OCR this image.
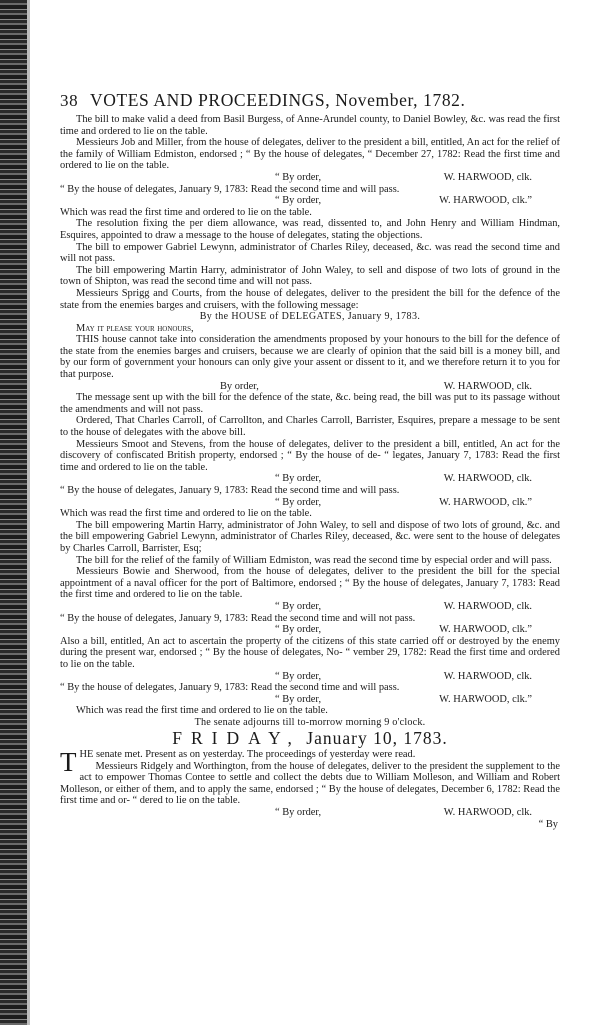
38 VOTES AND PROCEEDINGS, November, 1782.

The bill to make valid a deed from Basil Burgess, of Anne-Arundel county, to Daniel Bowley, &c. was read the first time and ordered to lie on the table.

Messieurs Job and Miller, from the house of delegates, deliver to the president a bill, entitled, An act for the relief of the family of William Edmiston, endorsed ; “ By the house of delegates, “ December 27, 1782: Read the first time and ordered to lie on the table.

“ By order,	W. HARWOOD, clk.

“ By the house of delegates, January 9, 1783: Read the second time and will pass.

“ By order,	W. HARWOOD, clk.”

Which was read the first time and ordered to lie on the table.

The resolution fixing the per diem allowance, was read, dissented to, and John Henry and William Hindman, Esquires, appointed to draw a message to the house of delegates, stating the objections.

The bill to empower Gabriel Lewynn, administrator of Charles Riley, deceased, &c. was read the second time and will not pass.

The bill empowering Martin Harry, administrator of John Waley, to sell and dispose of two lots of ground in the town of Shipton, was read the second time and will not pass.

Messieurs Sprigg and Courts, from the house of delegates, deliver to the president the bill for the defence of the state from the enemies barges and cruisers, with the following message:

By the HOUSE of DELEGATES, January 9, 1783.

May it please your honours,

THIS house cannot take into consideration the amendments proposed by your honours to the bill for the defence of the state from the enemies barges and cruisers, because we are clearly of opinion that the said bill is a money bill, and by our form of government your honours can only give your assent or dissent to it, and we therefore return it to you for that purpose.

By order,	W. HARWOOD, clk.

The message sent up with the bill for the defence of the state, &c. being read, the bill was put to its passage without the amendments and will not pass.

Ordered, That Charles Carroll, of Carrollton, and Charles Carroll, Barrister, Esquires, prepare a message to be sent to the house of delegates with the above bill.

Messieurs Smoot and Stevens, from the house of delegates, deliver to the president a bill, entitled, An act for the discovery of confiscated British property, endorsed ; “ By the house of de- “ legates, January 7, 1783: Read the first time and ordered to lie on the table.

“ By order,	W. HARWOOD, clk.

“ By the house of delegates, January 9, 1783: Read the second time and will pass.

“ By order,	W. HARWOOD, clk.”

Which was read the first time and ordered to lie on the table.

The bill empowering Martin Harry, administrator of John Waley, to sell and dispose of two lots of ground, &c. and the bill empowering Gabriel Lewynn, administrator of Charles Riley, deceased, &c. were sent to the house of delegates by Charles Carroll, Barrister, Esq;

The bill for the relief of the family of William Edmiston, was read the second time by especial order and will pass.

Messieurs Bowie and Sherwood, from the house of delegates, deliver to the president the bill for the special appointment of a naval officer for the port of Baltimore, endorsed ; “ By the house of delegates, January 7, 1783: Read the first time and ordered to lie on the table.

“ By order,	W. HARWOOD, clk.

“ By the house of delegates, January 9, 1783: Read the second time and will not pass.

“ By order,	W. HARWOOD, clk.”

Also a bill, entitled, An act to ascertain the property of the citizens of this state carried off or destroyed by the enemy during the present war, endorsed ; “ By the house of delegates, No- “ vember 29, 1782: Read the first time and ordered to lie on the table.

“ By order,	W. HARWOOD, clk.

“ By the house of delegates, January 9, 1783: Read the second time and will pass.

“ By order,	W. HARWOOD, clk.”

Which was read the first time and ordered to lie on the table.

The senate adjourns till to-morrow morning 9 o'clock.

FRIDAY, January 10, 1783.

THE senate met. Present as on yesterday. The proceedings of yesterday were read.

Messieurs Ridgely and Worthington, from the house of delegates, deliver to the president the supplement to the act to empower Thomas Contee to settle and collect the debts due to William Molleson, and William and Robert Molleson, or either of them, and to apply the same, endorsed ; “ By the house of delegates, December 6, 1782: Read the first time and or- “ dered to lie on the table.

“ By order,	W. HARWOOD, clk.

“ By
